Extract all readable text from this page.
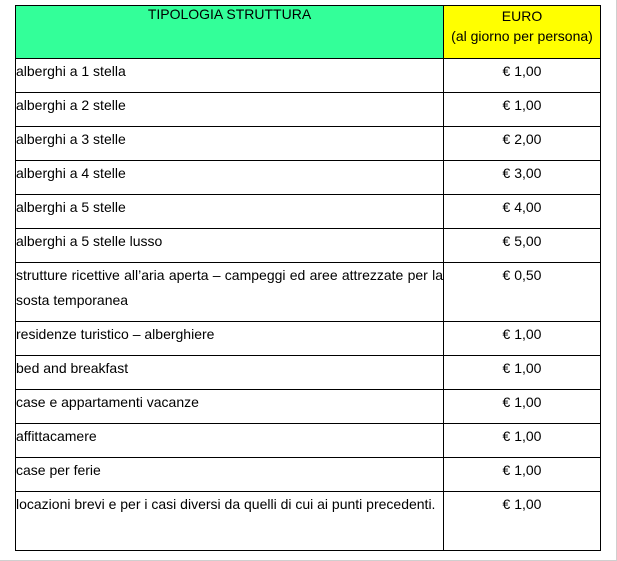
TIPOLOGIA STRUTTURA	EURO
(al giorno per persona)

alberghi a 1 stella	€ 1,00
alberghi a 2 stelle	€ 1,00
alberghi a 3 stelle	€ 2,00
alberghi a 4 stelle	€ 3,00
alberghi a 5 stelle	€ 4,00
alberghi a 5 stelle lusso	€ 5,00
strutture ricettive all’aria aperta – campeggi ed aree attrezzate per la sosta temporanea	€ 0,50
residenze turistico – alberghiere	€ 1,00
bed and breakfast	€ 1,00
case e appartamenti vacanze	€ 1,00
affittacamere	€ 1,00
case per ferie	€ 1,00
locazioni brevi e per i casi diversi da quelli di cui ai punti precedenti.	€ 1,00
